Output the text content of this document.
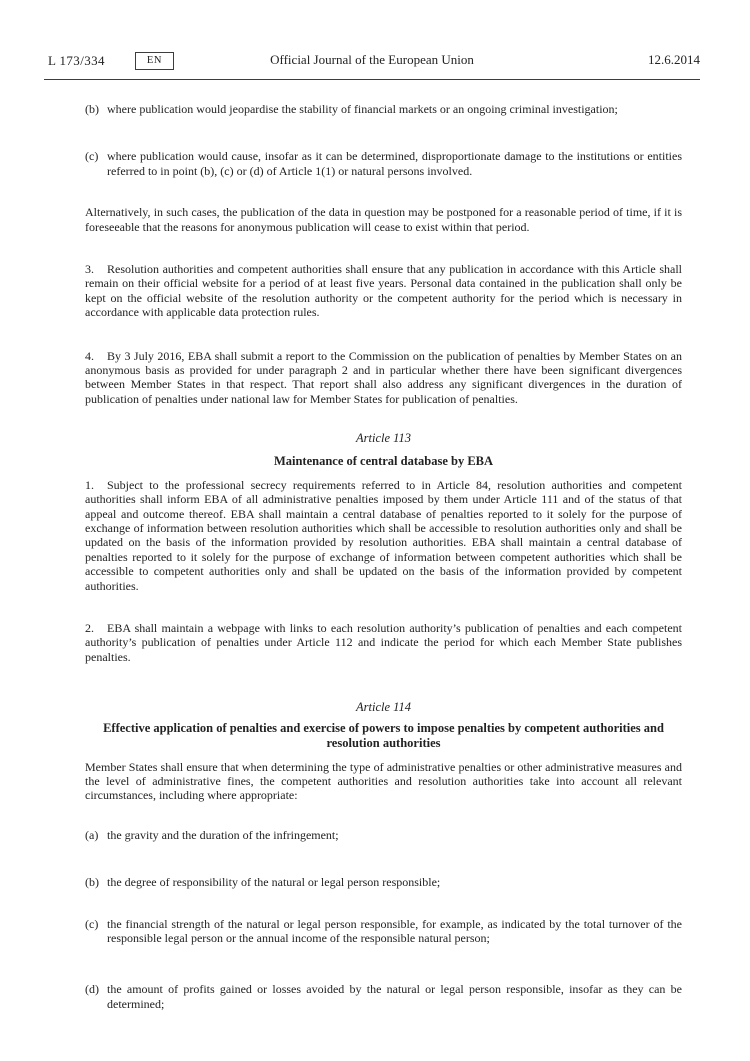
L 173/334	EN	Official Journal of the European Union	12.6.2014
(b) where publication would jeopardise the stability of financial markets or an ongoing criminal investigation;
(c) where publication would cause, insofar as it can be determined, disproportionate damage to the institutions or entities referred to in point (b), (c) or (d) of Article 1(1) or natural persons involved.

Alternatively, in such cases, the publication of the data in question may be postponed for a reasonable period of time, if it is foreseeable that the reasons for anonymous publication will cease to exist within that period.

3. Resolution authorities and competent authorities shall ensure that any publication in accordance with this Article shall remain on their official website for a period of at least five years. Personal data contained in the publication shall only be kept on the official website of the resolution authority or the competent authority for the period which is necessary in accordance with applicable data protection rules.

4. By 3 July 2016, EBA shall submit a report to the Commission on the publication of penalties by Member States on an anonymous basis as provided for under paragraph 2 and in particular whether there have been significant divergences between Member States in that respect. That report shall also address any significant divergences in the duration of publication of penalties under national law for Member States for publication of penalties.

Article 113
Maintenance of central database by EBA

1. Subject to the professional secrecy requirements referred to in Article 84, resolution authorities and competent authorities shall inform EBA of all administrative penalties imposed by them under Article 111 and of the status of that appeal and outcome thereof. EBA shall maintain a central database of penalties reported to it solely for the purpose of exchange of information between resolution authorities which shall be accessible to resolution authorities only and shall be updated on the basis of the information provided by resolution authorities. EBA shall maintain a central database of penalties reported to it solely for the purpose of exchange of information between competent authorities which shall be accessible to competent authorities only and shall be updated on the basis of the information provided by competent authorities.

2. EBA shall maintain a webpage with links to each resolution authority’s publication of penalties and each competent authority’s publication of penalties under Article 112 and indicate the period for which each Member State publishes penalties.

Article 114
Effective application of penalties and exercise of powers to impose penalties by competent authorities and resolution authorities

Member States shall ensure that when determining the type of administrative penalties or other administrative measures and the level of administrative fines, the competent authorities and resolution authorities take into account all relevant circumstances, including where appropriate:

(a) the gravity and the duration of the infringement;
(b) the degree of responsibility of the natural or legal person responsible;
(c) the financial strength of the natural or legal person responsible, for example, as indicated by the total turnover of the responsible legal person or the annual income of the responsible natural person;
(d) the amount of profits gained or losses avoided by the natural or legal person responsible, insofar as they can be determined;
